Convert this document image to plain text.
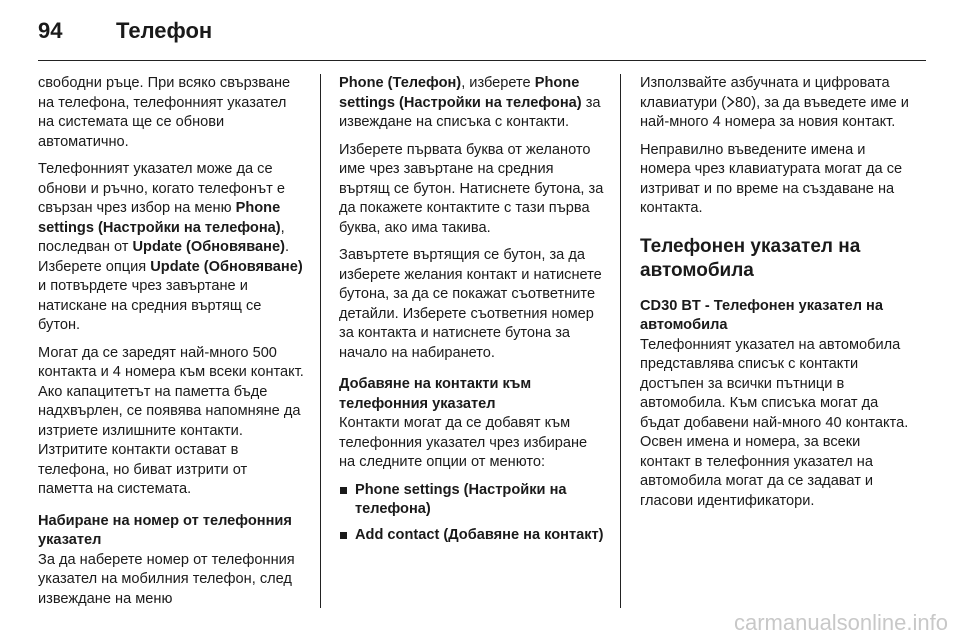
94 Телефон

свободни ръце. При всяко свързване на телефона, телефонният указател на системата ще се обнови автоматично.

Телефонният указател може да се обнови и ръчно, когато телефонът е свързан чрез избор на меню Phone settings (Настройки на телефона), последван от Update (Обновяване). Изберете опция Update (Обновяване) и потвърдете чрез завъртане и натискане на средния въртящ се бутон.

Могат да се заредят най-много 500 контакта и 4 номера към всеки контакт. Ако капацитетът на паметта бъде надхвърлен, се появява напомняне да изтриете излишните контакти. Изтритите контакти остават в телефона, но биват изтрити от паметта на системата.

Набиране на номер от телефонния указател

За да наберете номер от телефонния указател на мобилния телефон, след извеждане на меню

Phone (Телефон), изберете Phone settings (Настройки на телефона) за извеждане на списъка с контакти.

Изберете първата буква от желаното име чрез завъртане на средния въртящ се бутон. Натиснете бутона, за да покажете контактите с тази първа буква, ако има такива.

Завъртете въртящия се бутон, за да изберете желания контакт и натиснете бутона, за да се покажат съответните детайли. Изберете съответния номер за контакта и натиснете бутона за начало на набирането.

Добавяне на контакти към телефонния указател

Контакти могат да се добавят към телефонния указател чрез избиране на следните опции от менюто:

Phone settings (Настройки на телефона)
Add contact (Добавяне на контакт)

Използвайте азбучната и цифровата клавиатури ( 80), за да въведете име и най-много 4 номера за новия контакт.

Неправилно въведените имена и номера чрез клавиатурата могат да се изтриват и по време на създаване на контакта.

Телефонен указател на автомобила

CD30 BT - Телефонен указател на автомобила

Телефонният указател на автомобила представлява списък с контакти достъпен за всички пътници в автомобила. Към списъка могат да бъдат добавени най-много 40 контакта. Освен имена и номера, за всеки контакт в телефонния указател на автомобила могат да се задават и гласови идентификатори.

carmanualsonline.info
